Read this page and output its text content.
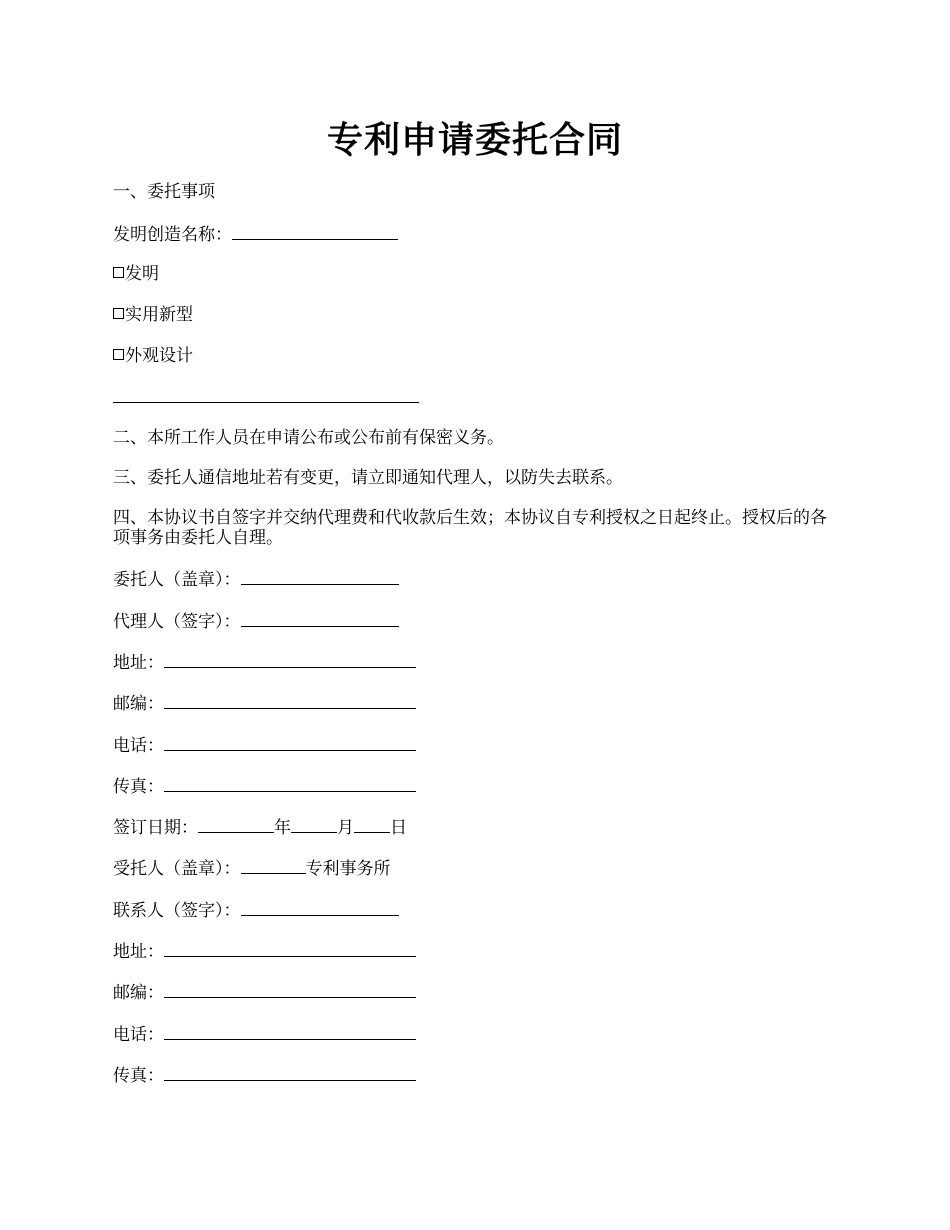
专利申请委托合同
一、委托事项
发明创造名称：
发明
实用新型
外观设计
二、本所工作人员在申请公布或公布前有保密义务。
三、委托人通信地址若有变更，请立即通知代理人，以防失去联系。
四、本协议书自签字并交纳代理费和代收款后生效；本协议自专利授权之日起终止。授权后的各项事务由委托人自理。
委托人（盖章）：
代理人（签字）：
地址：
邮编：
电话：
传真：
签订日期：	年	月 日
受托人（盖章）：	专利事务所
联系人（签字）：
地址：
邮编：
电话：
传真：
